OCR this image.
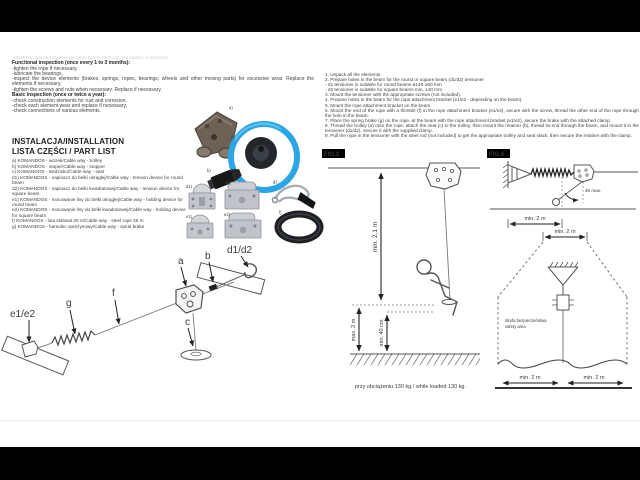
-check the rope and all other elements before each use and replace if necessary.
Functional inspection (once every 1 to 3 months):
-tighten the rope if necessary,
-lubricate the bearings,
-inspect the device elements (brakes, springs, ropes, bearings, wheels and other moving parts) for excessive wear. Replace the elements if necessary,
-tighten the screws and nuts when necessary. Replace if necessary.
Basic inspection (once or twice a year):
-check construction elements for rust and corrosion,
-check each element wear and replace if necessary,
-check connections of various elements.
INSTALACJA/INSTALLATION
LISTA CZĘŚCI / PART LIST
a) KOMANDOS - wózek/Cable way - trolley
b) KOMANDOS - stoper/Cable way - stopper
c) KOMANDOS - siedzisko/Cable way - seat
d1) KOMANDOS - napinacz do belki okrągłej/Cable way - tension device for round beam
d2) KOMANDOS - napinacz do belki kwadratowej/Cable way - tension device for square beam
e1) KOMANDOS - mocowanie liny do belki okrągłej/Cable way - holding device for round beam
e2) KOMANDOS - mocowanie liny do belki kwadratowej/Cable way - holding device for square beam
f) KOMANDOS - lina stalowa 25 m/Cable way - steel rope 25 m
g) KOMANDOS - hamulec sprężynowy/Cable way - spiral brake
1. Unpack all the elements.
2. Prepare holes in the beam for the round or square beam (d1/d2) tensioner
- d1 tensioner is suitable for round beams ø140-160 mm
- d2 tensioner is suitable for square beams min. 140 mm
3. Mount the tensioner with the appropriate screws (not included).
4. Prepare holes in the beam for the rope attachment bracket (e1/e2 - depending on the beam).
5. Mount the rope attachment bracket on the beam.
6. Mount the end of the rope with a thimble (f) in the rope attachment bracket (e1/e2), secure with the screw, thread the other end of the rope through the hole in the beam.
7. Place the spring brake (g) on the rope, at the beam with the rope attachment bracket (e1/e2), secure the brake with the attached clamp.
8. Thread the trolley (a) onto the rope, attach the seat (c) to the trolley, then mount the retainer (b), thread its end through the beam, and mount it in the tensioner (d1/d2). Secure it with the supplied clamp.
9. Pull the rope in the tensioner with the steel rod (not included) to get the appropriate trolley and seat slack, then secure the retainer with the clamp.
a)
c)
b)
d1)
d2)	g)
e1)	e2)	f)
e1/e2
g
f
a b
d1/d2
c
FIG.3
min. 2,1 m
max. 2 m	min. 40 cm
przy obciążeniu 130 kg./ while loaded 130 kg.
FIG.4
45 max.
min. 2 m
min. 2 m
strefa bezpieczeństwa
safety area
min. 2 m	min. 2 m
